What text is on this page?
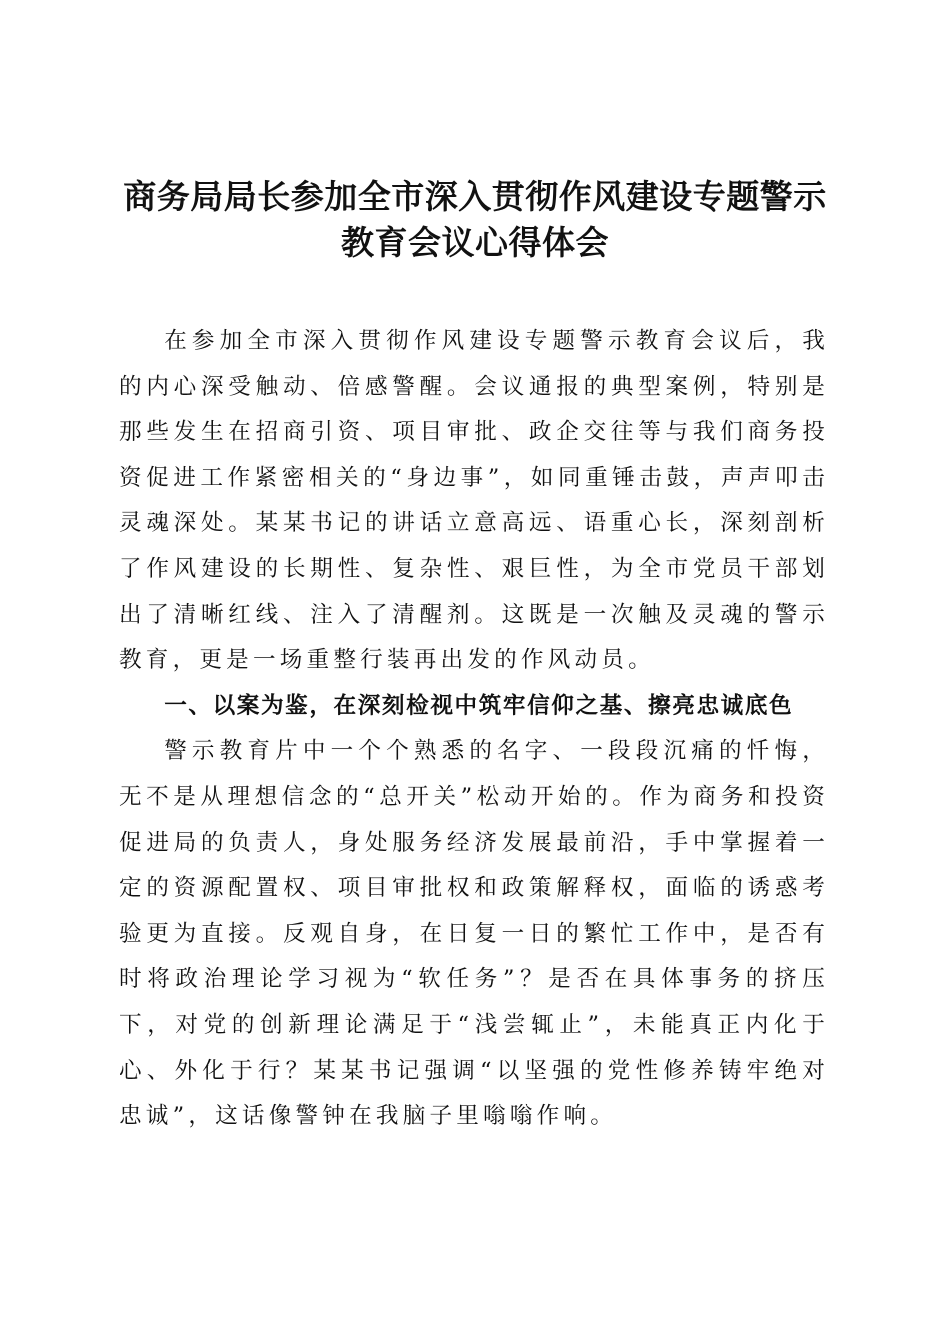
商务局局长参加全市深入贯彻作风建设专题警示教育会议心得体会

在参加全市深入贯彻作风建设专题警示教育会议后，我的内心深受触动、倍感警醒。会议通报的典型案例，特别是那些发生在招商引资、项目审批、政企交往等与我们商务投资促进工作紧密相关的“身边事”，如同重锤击鼓，声声叩击灵魂深处。某某书记的讲话立意高远、语重心长，深刻剖析了作风建设的长期性、复杂性、艰巨性，为全市党员干部划出了清晰红线、注入了清醒剂。这既是一次触及灵魂的警示教育，更是一场重整行装再出发的作风动员。

一、以案为鉴，在深刻检视中筑牢信仰之基、擦亮忠诚底色

警示教育片中一个个熟悉的名字、一段段沉痛的忏悔，无不是从理想信念的“总开关”松动开始的。作为商务和投资促进局的负责人，身处服务经济发展最前沿，手中掌握着一定的资源配置权、项目审批权和政策解释权，面临的诱惑考验更为直接。反观自身，在日复一日的繁忙工作中，是否有时将政治理论学习视为“软任务”？是否在具体事务的挤压下，对党的创新理论满足于“浅尝辄止”，未能真正内化于心、外化于行？某某书记强调“以坚强的党性修养铸牢绝对忠诚”，这话像警钟在我脑子里嗡嗡作响。
